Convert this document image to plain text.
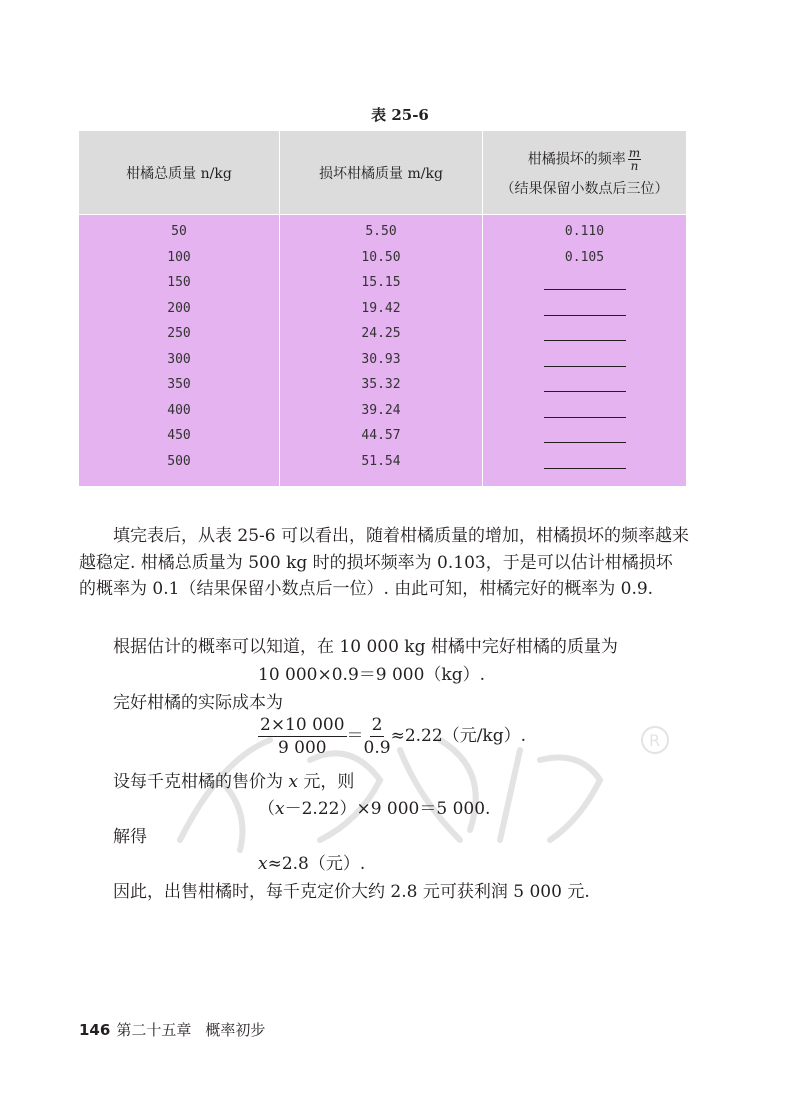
表 25-6
柑橘总质量 n/kg	损坏柑橘质量 m/kg
柑橘损坏的频率 $\frac{m}{n}$
（结果保留小数点后三位）
50
100
150
200
250
300
350
400
450
500
5.50
10.50
15.15
19.42
24.25
30.93
35.32
39.24
44.57
51.54
0.110
0.105
填完表后，从表 25-6 可以看出，随着柑橘质量的增加，柑橘损坏的频率越来越稳定. 柑橘总质量为 500 kg 时的损坏频率为 0.103，于是可以估计柑橘损坏的概率为 0.1（结果保留小数点后一位）. 由此可知，柑橘完好的概率为 0.9.
根据估计的概率可以知道，在 10 000 kg 柑橘中完好柑橘的质量为
10 000×0.9＝9 000（kg）.
完好柑橘的实际成本为
$\frac{2\times 10 000}{9 000} = \frac{2}{0.9} \approx 2.22$（元/kg）.
设每千克柑橘的售价为 x 元，则
（x－2.22）×9 000＝5 000.
解得
x≈2.8（元）.
因此，出售柑橘时，每千克定价大约 2.8 元可获利润 5 000 元.
R
146 第二十五章 概率初步
